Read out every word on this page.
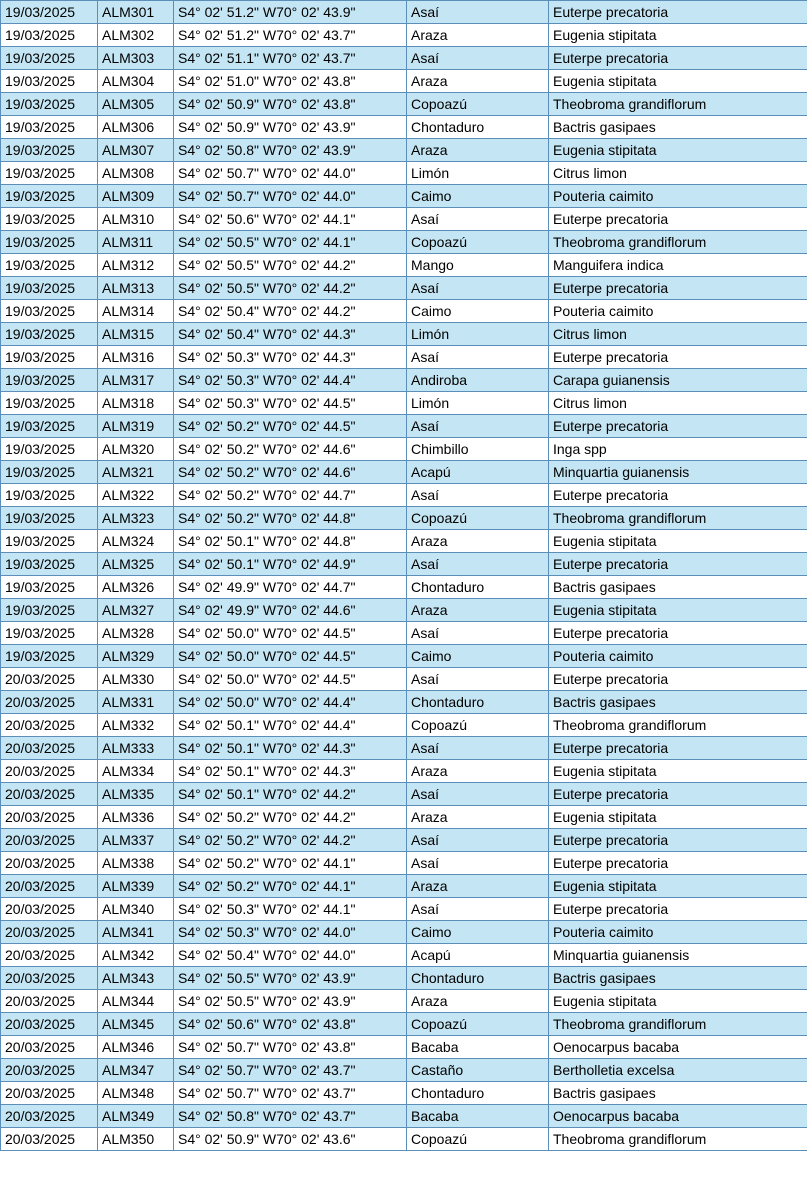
19/03/2025	ALM301	S4° 02' 51.2" W70° 02' 43.9"	Asaí	Euterpe precatoria
19/03/2025	ALM302	S4° 02' 51.2" W70° 02' 43.7"	Araza	Eugenia stipitata
19/03/2025	ALM303	S4° 02' 51.1" W70° 02' 43.7"	Asaí	Euterpe precatoria
19/03/2025	ALM304	S4° 02' 51.0" W70° 02' 43.8"	Araza	Eugenia stipitata
19/03/2025	ALM305	S4° 02' 50.9" W70° 02' 43.8"	Copoazú	Theobroma grandiflorum
19/03/2025	ALM306	S4° 02' 50.9" W70° 02' 43.9"	Chontaduro	Bactris gasipaes
19/03/2025	ALM307	S4° 02' 50.8" W70° 02' 43.9"	Araza	Eugenia stipitata
19/03/2025	ALM308	S4° 02' 50.7" W70° 02' 44.0"	Limón	Citrus limon
19/03/2025	ALM309	S4° 02' 50.7" W70° 02' 44.0"	Caimo	Pouteria caimito
19/03/2025	ALM310	S4° 02' 50.6" W70° 02' 44.1"	Asaí	Euterpe precatoria
19/03/2025	ALM311	S4° 02' 50.5" W70° 02' 44.1"	Copoazú	Theobroma grandiflorum
19/03/2025	ALM312	S4° 02' 50.5" W70° 02' 44.2"	Mango	Manguifera indica
19/03/2025	ALM313	S4° 02' 50.5" W70° 02' 44.2"	Asaí	Euterpe precatoria
19/03/2025	ALM314	S4° 02' 50.4" W70° 02' 44.2"	Caimo	Pouteria caimito
19/03/2025	ALM315	S4° 02' 50.4" W70° 02' 44.3"	Limón	Citrus limon
19/03/2025	ALM316	S4° 02' 50.3" W70° 02' 44.3"	Asaí	Euterpe precatoria
19/03/2025	ALM317	S4° 02' 50.3" W70° 02' 44.4"	Andiroba	Carapa guianensis
19/03/2025	ALM318	S4° 02' 50.3" W70° 02' 44.5"	Limón	Citrus limon
19/03/2025	ALM319	S4° 02' 50.2" W70° 02' 44.5"	Asaí	Euterpe precatoria
19/03/2025	ALM320	S4° 02' 50.2" W70° 02' 44.6"	Chimbillo	Inga spp
19/03/2025	ALM321	S4° 02' 50.2" W70° 02' 44.6"	Acapú	Minquartia guianensis
19/03/2025	ALM322	S4° 02' 50.2" W70° 02' 44.7"	Asaí	Euterpe precatoria
19/03/2025	ALM323	S4° 02' 50.2" W70° 02' 44.8"	Copoazú	Theobroma grandiflorum
19/03/2025	ALM324	S4° 02' 50.1" W70° 02' 44.8"	Araza	Eugenia stipitata
19/03/2025	ALM325	S4° 02' 50.1" W70° 02' 44.9"	Asaí	Euterpe precatoria
19/03/2025	ALM326	S4° 02' 49.9" W70° 02' 44.7"	Chontaduro	Bactris gasipaes
19/03/2025	ALM327	S4° 02' 49.9" W70° 02' 44.6"	Araza	Eugenia stipitata
19/03/2025	ALM328	S4° 02' 50.0" W70° 02' 44.5"	Asaí	Euterpe precatoria
19/03/2025	ALM329	S4° 02' 50.0" W70° 02' 44.5"	Caimo	Pouteria caimito
20/03/2025	ALM330	S4° 02' 50.0" W70° 02' 44.5"	Asaí	Euterpe precatoria
20/03/2025	ALM331	S4° 02' 50.0" W70° 02' 44.4"	Chontaduro	Bactris gasipaes
20/03/2025	ALM332	S4° 02' 50.1" W70° 02' 44.4"	Copoazú	Theobroma grandiflorum
20/03/2025	ALM333	S4° 02' 50.1" W70° 02' 44.3"	Asaí	Euterpe precatoria
20/03/2025	ALM334	S4° 02' 50.1" W70° 02' 44.3"	Araza	Eugenia stipitata
20/03/2025	ALM335	S4° 02' 50.1" W70° 02' 44.2"	Asaí	Euterpe precatoria
20/03/2025	ALM336	S4° 02' 50.2" W70° 02' 44.2"	Araza	Eugenia stipitata
20/03/2025	ALM337	S4° 02' 50.2" W70° 02' 44.2"	Asaí	Euterpe precatoria
20/03/2025	ALM338	S4° 02' 50.2" W70° 02' 44.1"	Asaí	Euterpe precatoria
20/03/2025	ALM339	S4° 02' 50.2" W70° 02' 44.1"	Araza	Eugenia stipitata
20/03/2025	ALM340	S4° 02' 50.3" W70° 02' 44.1"	Asaí	Euterpe precatoria
20/03/2025	ALM341	S4° 02' 50.3" W70° 02' 44.0"	Caimo	Pouteria caimito
20/03/2025	ALM342	S4° 02' 50.4" W70° 02' 44.0"	Acapú	Minquartia guianensis
20/03/2025	ALM343	S4° 02' 50.5" W70° 02' 43.9"	Chontaduro	Bactris gasipaes
20/03/2025	ALM344	S4° 02' 50.5" W70° 02' 43.9"	Araza	Eugenia stipitata
20/03/2025	ALM345	S4° 02' 50.6" W70° 02' 43.8"	Copoazú	Theobroma grandiflorum
20/03/2025	ALM346	S4° 02' 50.7" W70° 02' 43.8"	Bacaba	Oenocarpus bacaba
20/03/2025	ALM347	S4° 02' 50.7" W70° 02' 43.7"	Castaño	Bertholletia excelsa
20/03/2025	ALM348	S4° 02' 50.7" W70° 02' 43.7"	Chontaduro	Bactris gasipaes
20/03/2025	ALM349	S4° 02' 50.8" W70° 02' 43.7"	Bacaba	Oenocarpus bacaba
20/03/2025	ALM350	S4° 02' 50.9" W70° 02' 43.6"	Copoazú	Theobroma grandiflorum
